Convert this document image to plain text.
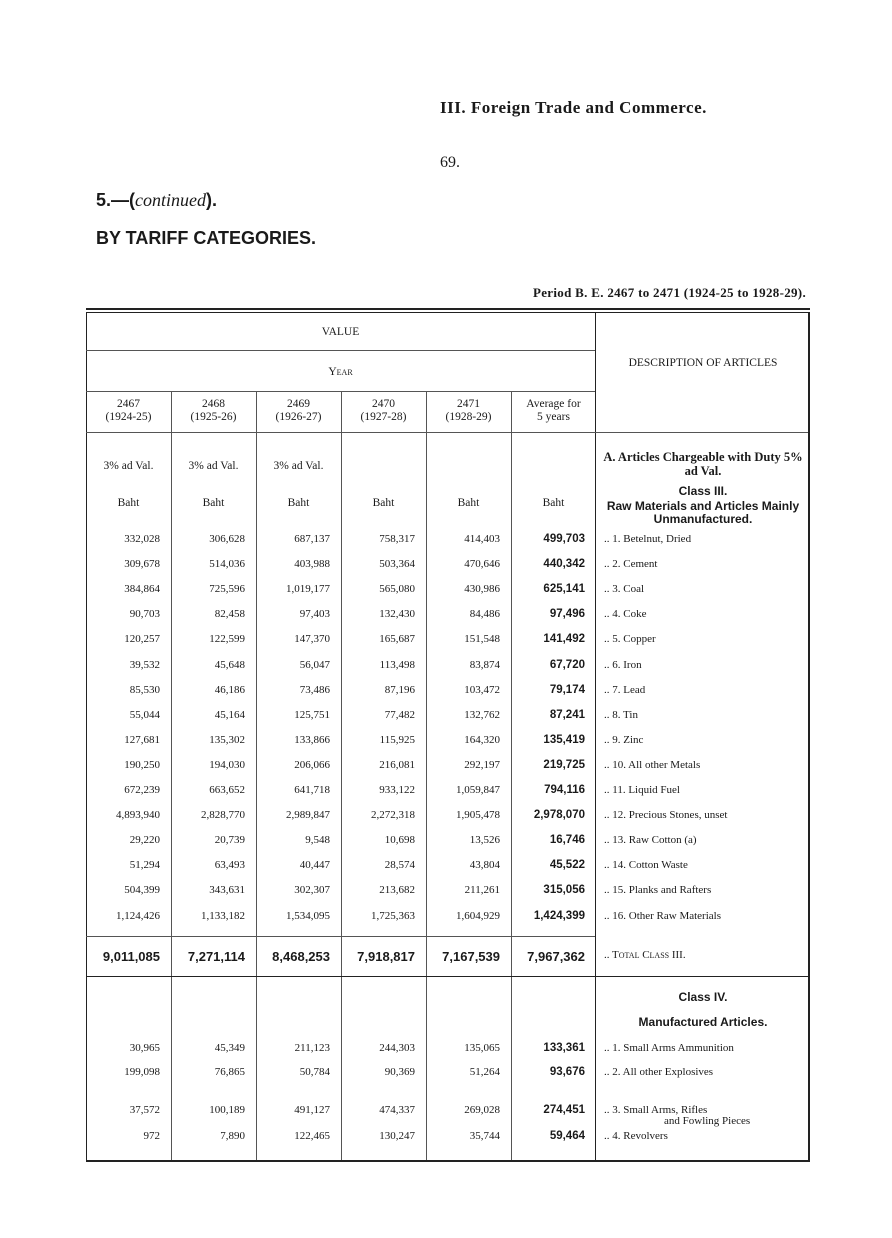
III. Foreign Trade and Commerce.
69.
5.—(continued).
BY TARIFF CATEGORIES.
Period B. E. 2467 to 2471 (1924-25 to 1928-29).
VALUE
Year
DESCRIPTION OF ARTICLES
2467
(1924-25)
3% ad Val.
Baht
2468
(1925-26)
3% ad Val.
Baht
2469
(1926-27)
3% ad Val.
Baht
2470
(1927-28)
Baht
2471
(1928-29)
Baht
Average for
5 years
Baht
A. Articles Chargeable with Duty 5% ad Val.
Class III.
Raw Materials and Articles Mainly Unmanufactured.
Class IV.
Manufactured Articles.
332,028	306,628	687,137	758,317	414,403	499,703 .. 1. Betelnut, Dried
309,678	514,036	403,988	503,364	470,646	440,342 .. 2. Cement
384,864	725,596	1,019,177	565,080	430,986	625,141 .. 3. Coal
90,703	82,458	97,403	132,430	84,486	97,496 .. 4. Coke
120,257	122,599	147,370	165,687	151,548	141,492 .. 5. Copper
39,532	45,648	56,047	113,498	83,874	67,720 .. 6. Iron
85,530	46,186	73,486	87,196	103,472	79,174 .. 7. Lead
55,044	45,164	125,751	77,482	132,762	87,241 .. 8. Tin
127,681	135,302	133,866	115,925	164,320	135,419 .. 9. Zinc
190,250	194,030	206,066	216,081	292,197	219,725 .. 10. All other Metals
672,239	663,652	641,718	933,122	1,059,847	794,116 .. 11. Liquid Fuel
4,893,940	2,828,770	2,989,847	2,272,318	1,905,478	2,978,070 .. 12. Precious Stones, unset
29,220	20,739	9,548	10,698	13,526	16,746 .. 13. Raw Cotton (a)
51,294	63,493	40,447	28,574	43,804	45,522 .. 14. Cotton Waste
504,399	343,631	302,307	213,682	211,261	315,056 .. 15. Planks and Rafters
1,124,426	1,133,182	1,534,095	1,725,363	1,604,929	1,424,399 .. 16. Other Raw Materials
9,011,085	7,271,114	8,468,253	7,918,817	7,167,539	7,967,362 .. Total Class III.
30,965	45,349	211,123	244,303	135,065	133,361 .. 1. Small Arms Ammunition
199,098	76,865	50,784	90,369	51,264	93,676 .. 2. All other Explosives
37,572	100,189	491,127	474,337	269,028	274,451 .. 3. Small Arms, Rifles
and Fowling Pieces
972	7,890	122,465	130,247	35,744	59,464 .. 4. Revolvers
